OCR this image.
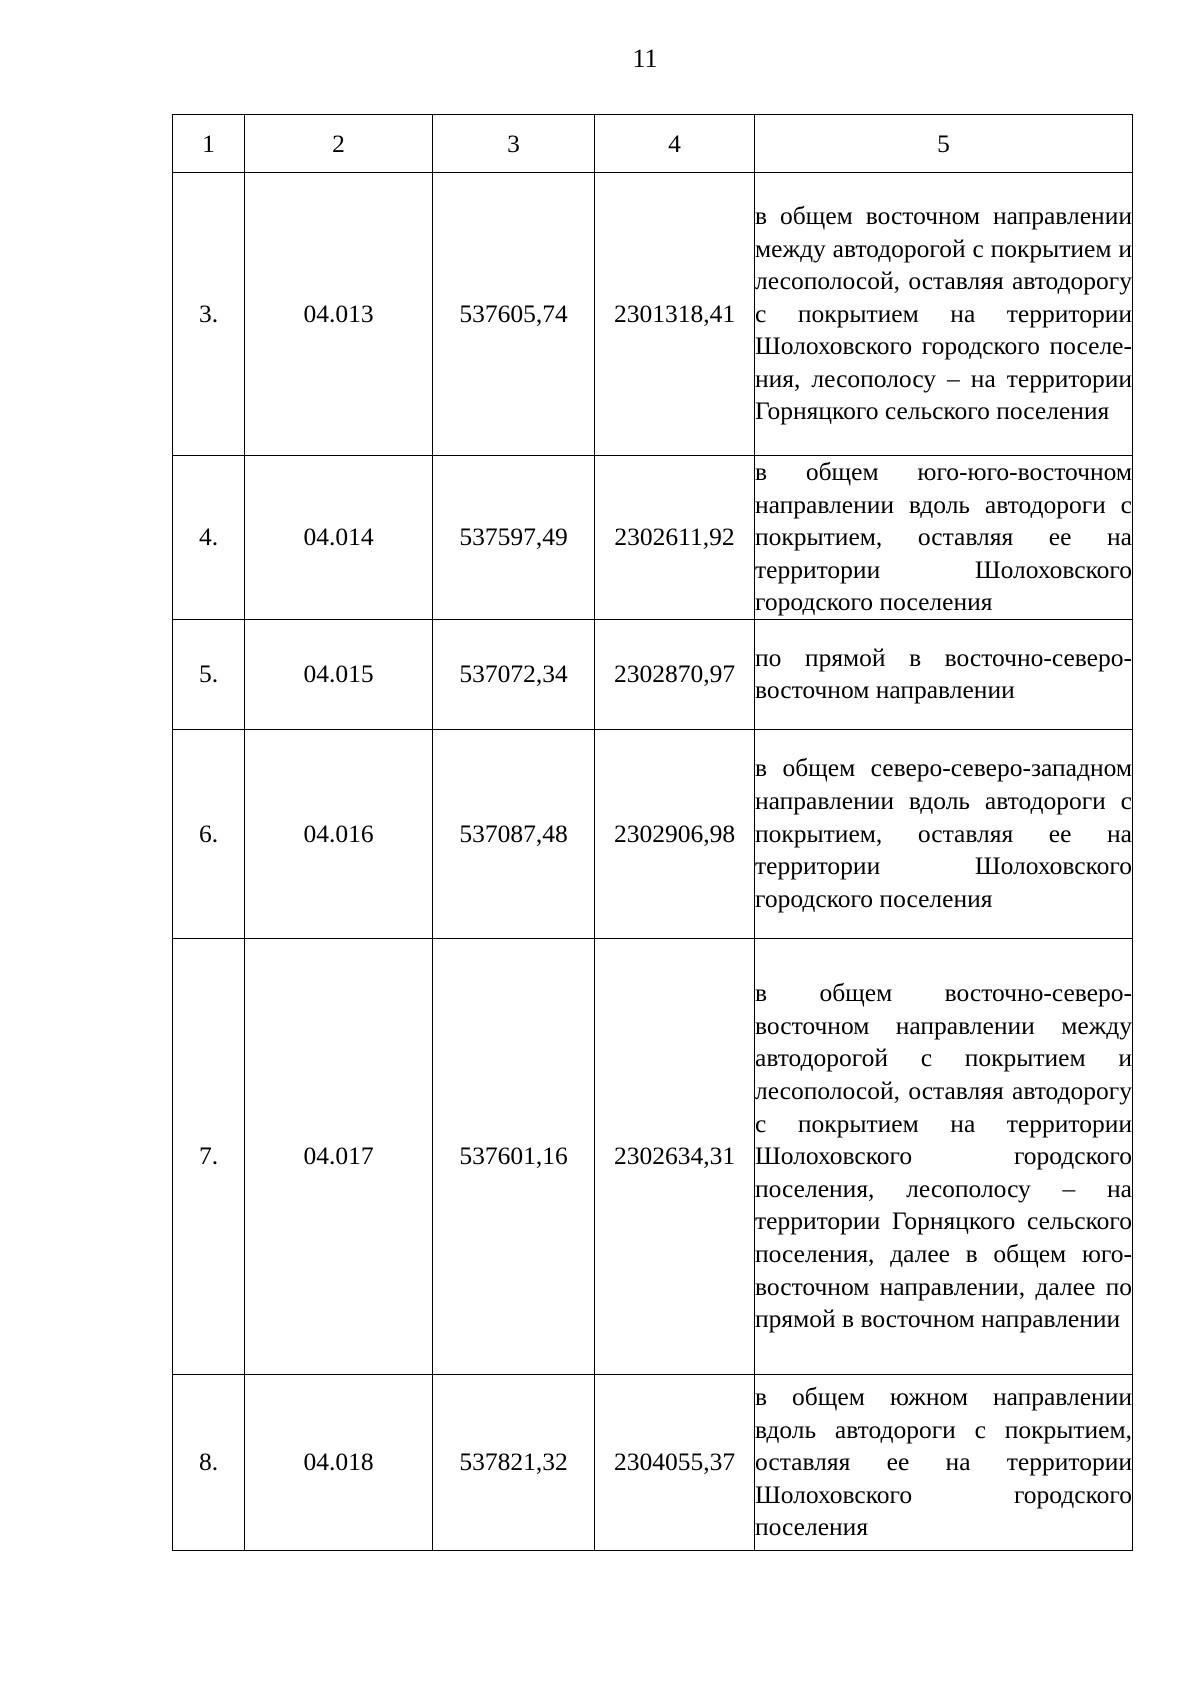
11
1	2	3	4	5
3.	04.013	537605,74	2301318,41	в общем восточном направлении между автодорогой с покрытием и лесополосой, оставляя автодорогу с покрытием на территории Шолоховского городского поселения, лесополосу – на территории Горняцкого сельского поселения
4.	04.014	537597,49	2302611,92	в общем юго-юго-восточном направлении вдоль автодороги с покрытием, оставляя ее на территории Шолоховского городского поселения
5.	04.015	537072,34	2302870,97	по прямой в восточно-северо-восточном направлении
6.	04.016	537087,48	2302906,98	в общем северо-северо-западном направлении вдоль автодороги с покрытием, оставляя ее на территории Шолоховского городского поселения
7.	04.017	537601,16	2302634,31	в общем восточно-северо-восточном направлении между автодорогой с покрытием и лесополосой, оставляя автодорогу с покрытием на территории Шолоховского городского поселения, лесополосу – на территории Горняцкого сельского поселения, далее в общем юго-восточном направлении, далее по прямой в восточном направлении
8.	04.018	537821,32	2304055,37	в общем южном направлении вдоль автодороги с покрытием, оставляя ее на территории Шолоховского городского поселения
